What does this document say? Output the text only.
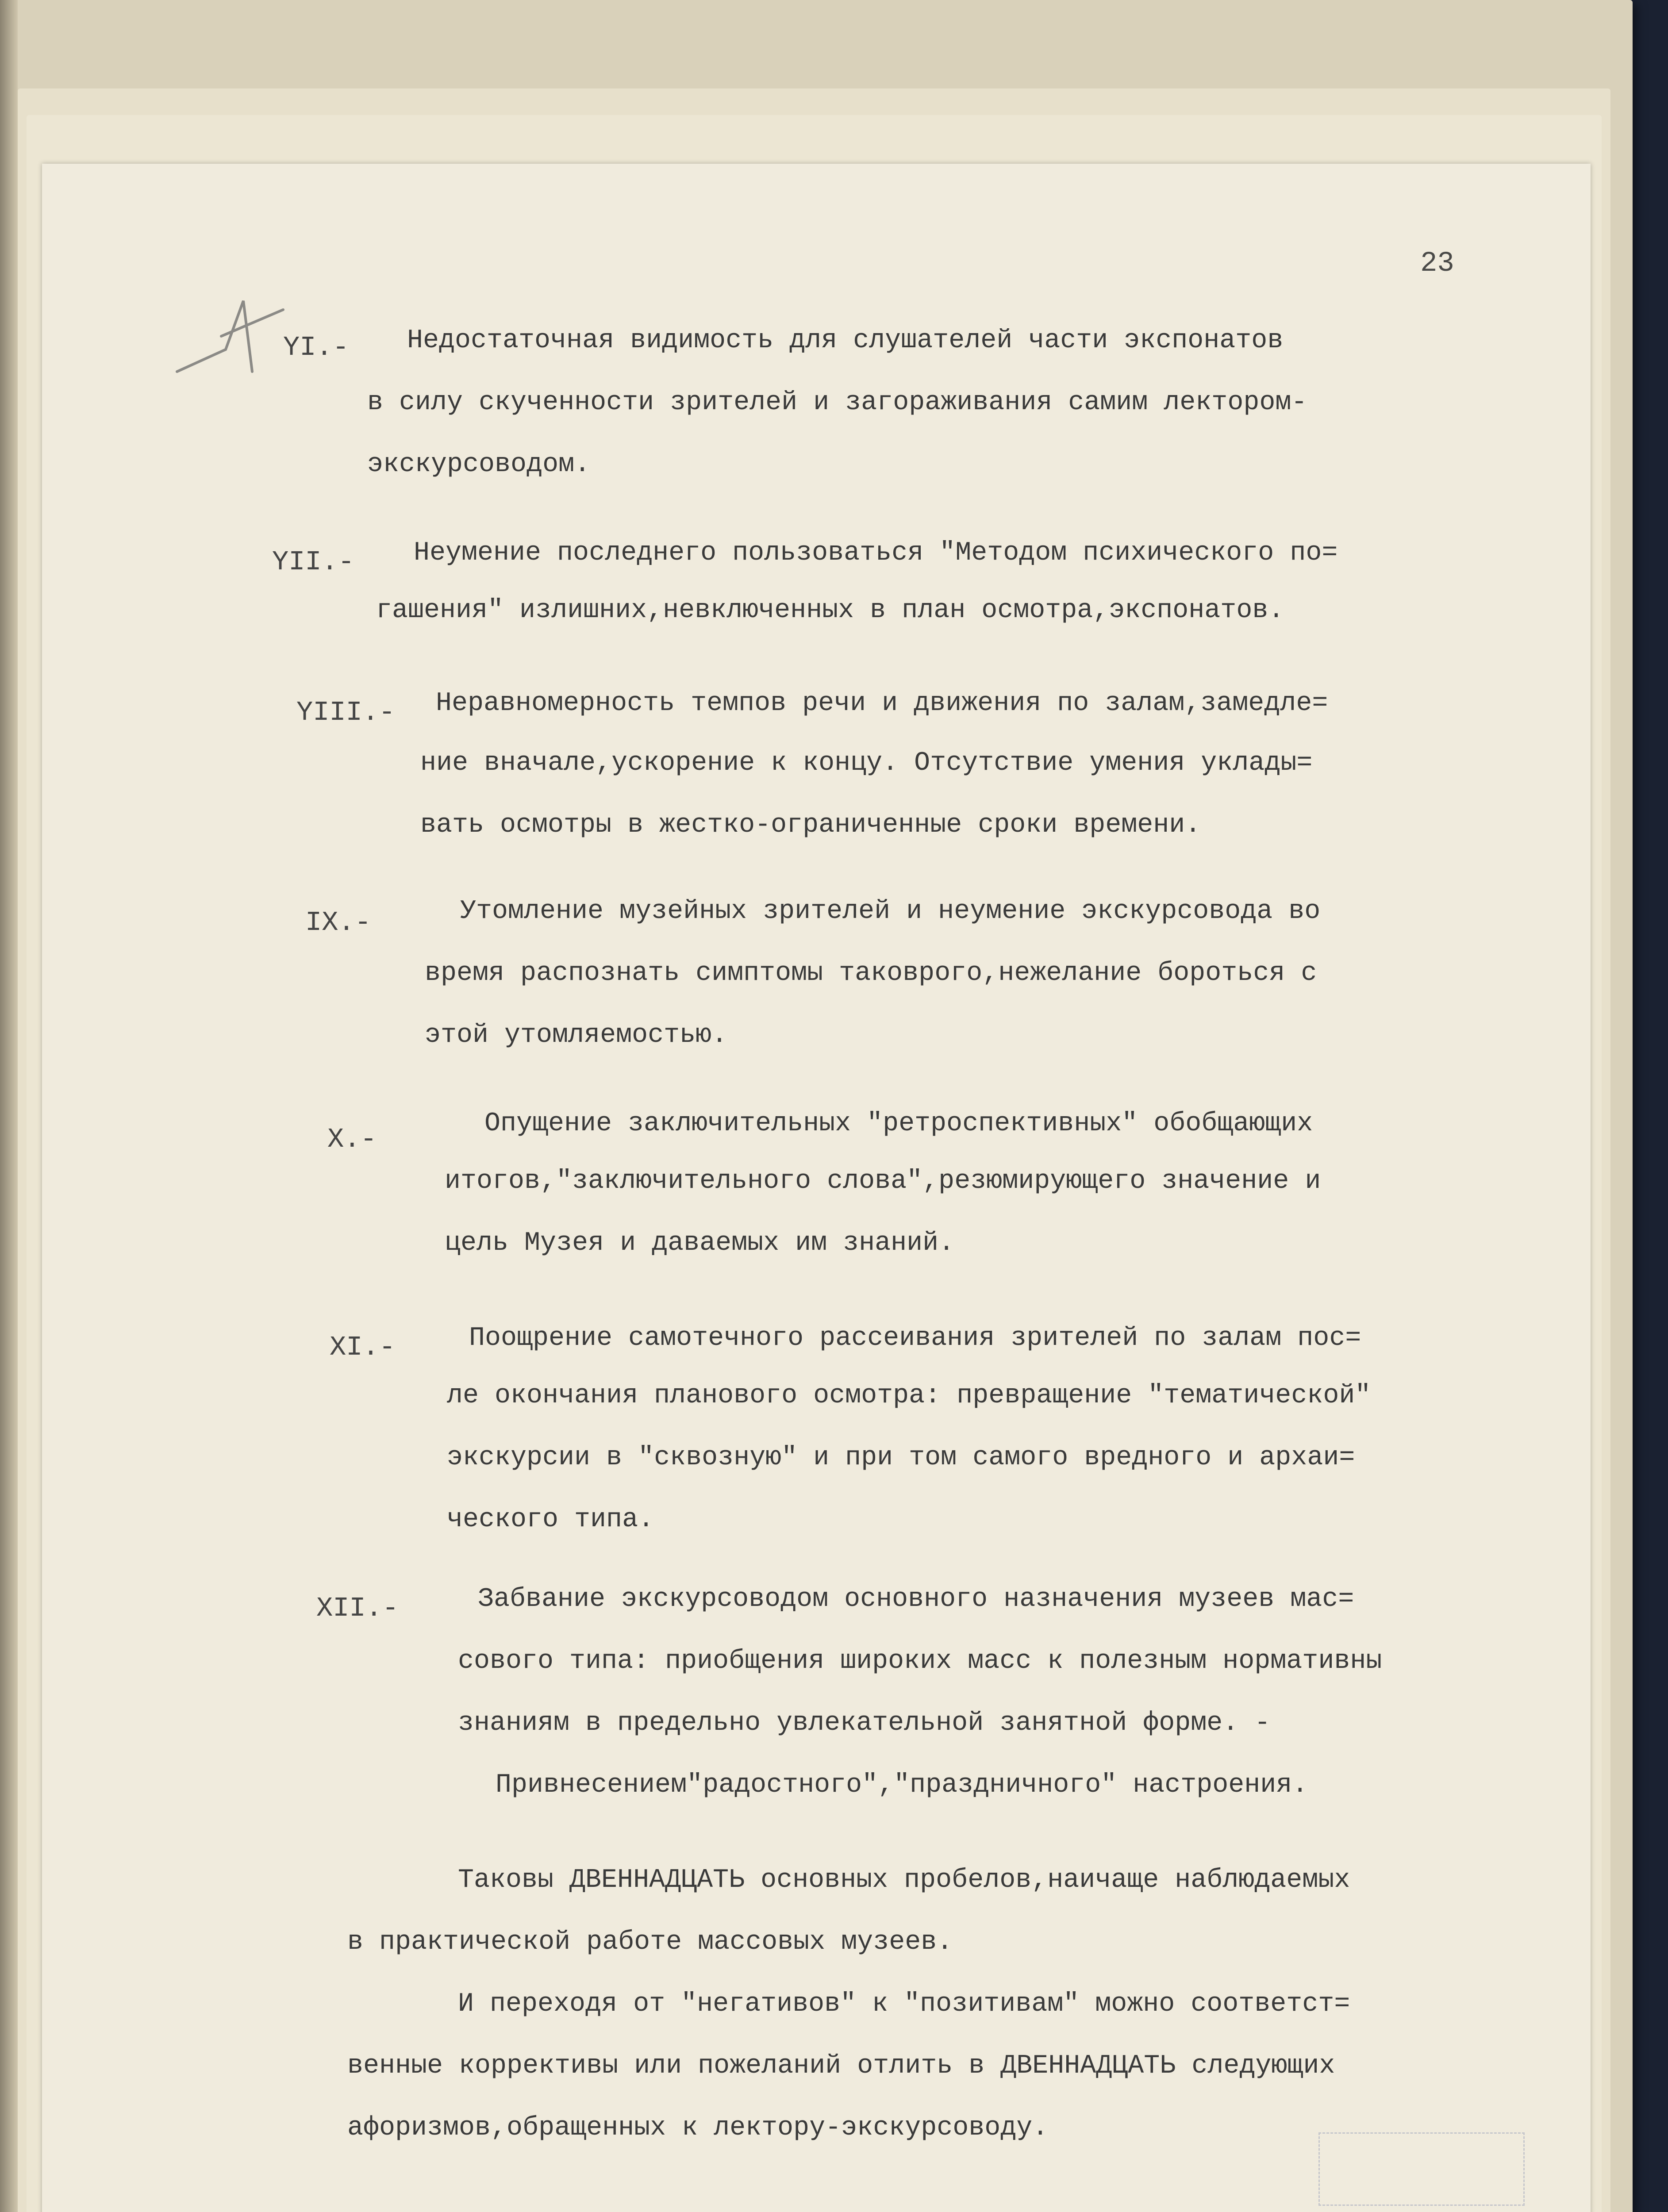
23
YI.- Недостаточная видимость для слушателей части экспонатов
в силу скученности зрителей и загораживания самим лектором-
экскурсоводом.
YII.- Неумение последнего пользоваться "Методом психического по=
гашения" излишних,невключенных в план осмотра,экспонатов.
YIII.- Неравномерность темпов речи и движения по залам,замедле=
ние вначале,ускорение к концу. Отсутствие умения уклады=
вать осмотры в жестко-ограниченные сроки времени.
IX.-	Утомление музейных зрителей и неумение экскурсовода во
время распознать симптомы таковрого,нежелание бороться с
этой утомляемостью.
X.-	Опущение заключительных "ретроспективных" обобщающих
итогов,"заключительного слова",резюмирующего значение и
цель Музея и даваемых им знаний.
XI.-	Поощрение самотечного рассеивания зрителей по залам пос=
ле окончания планового осмотра: превращение "тематической"
экскурсии в "сквозную" и при том самого вредного и архаи=
ческого типа.
XII.-	Забвание экскурсоводом основного назначения музеев мас=
сового типа: приобщения широких масс к полезным нормативны
знаниям в предельно увлекательной занятной форме. -
Привнесением"радостного","праздничного" настроения.
Таковы ДВЕННАДЦАТЬ основных пробелов,наичаще наблюдаемых
в практической работе массовых музеев.
И переходя от "негативов" к "позитивам" можно соответст=
венные коррективы или пожеланий отлить в ДВЕННАДЦАТЬ следующих
афоризмов,обращенных к лектору-экскурсоводу.
